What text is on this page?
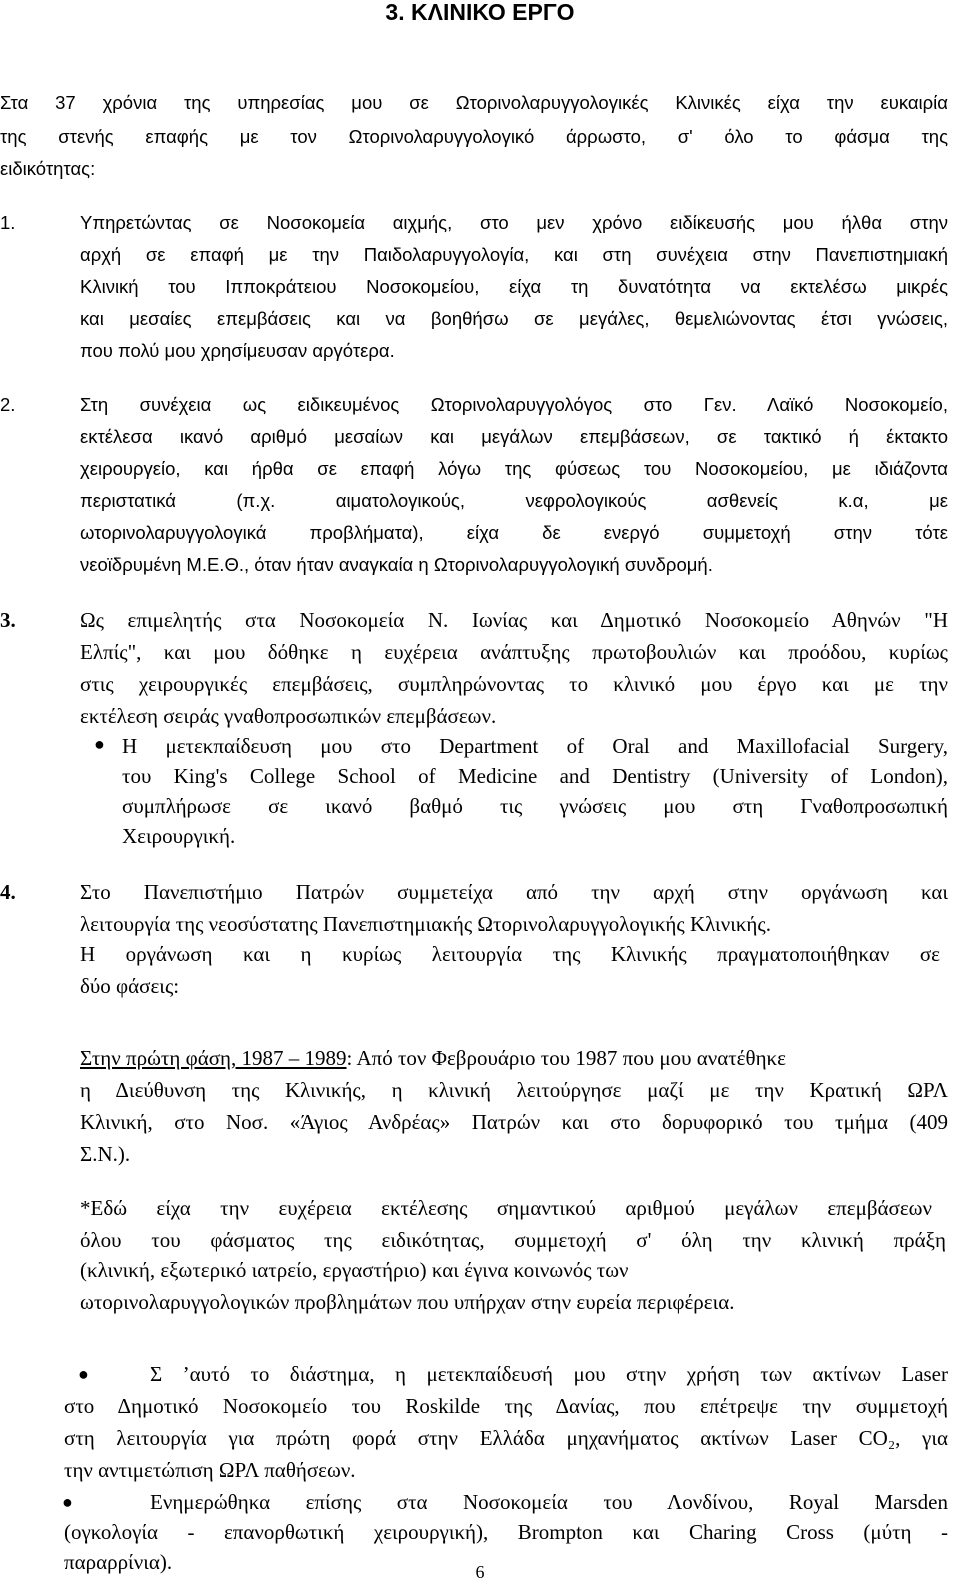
3. ΚΛΙΝΙΚΟ ΕΡΓΟ
Στα 37 χρόνια της υπηρεσίας μου σε Ωτορινολαρυγγολογικές Κλινικές είχα την ευκαιρία
της στενής επαφής με τον Ωτορινολαρυγγολογικό άρρωστο, σ' όλο το φάσμα της
ειδικότητας:
1.	Υπηρετώντας σε Νοσοκομεία αιχμής, στο μεν χρόνο ειδίκευσής μου ήλθα στην
αρχή σε επαφή με την Παιδολαρυγγολογία, και στη συνέχεια στην Πανεπιστημιακή
Κλινική του Ιπποκράτειου Νοσοκομείου, είχα τη δυνατότητα να εκτελέσω μικρές
και μεσαίες επεμβάσεις και να βοηθήσω σε μεγάλες, θεμελιώνοντας έτσι γνώσεις,
που πολύ μου χρησίμευσαν αργότερα.
2.	Στη συνέχεια ως ειδικευμένος Ωτορινολαρυγγολόγος στο Γεν. Λαϊκό Νοσοκομείο,
εκτέλεσα ικανό αριθμό μεσαίων και μεγάλων επεμβάσεων, σε τακτικό ή έκτακτο
χειρουργείο, και ήρθα σε επαφή λόγω της φύσεως του Νοσοκομείου, με ιδιάζοντα
περιστατικά (π.χ. αιματολογικούς, νεφρολογικούς ασθενείς κ.α, με
ωτορινολαρυγγολογικά προβλήματα), είχα δε ενεργό συμμετοχή στην τότε
νεοϊδρυμένη Μ.Ε.Θ., όταν ήταν αναγκαία η Ωτορινολαρυγγολογική συνδρομή.
3.	Ως επιμελητής στα Νοσοκομεία Ν. Ιωνίας και Δημοτικό Νοσοκομείο Αθηνών "Η
Ελπίς", και μου δόθηκε η ευχέρεια ανάπτυξης πρωτοβουλιών και προόδου, κυρίως
στις χειρουργικές επεμβάσεις, συμπληρώνοντας το κλινικό μου έργο και με την
εκτέλεση σειράς γναθοπροσωπικών επεμβάσεων.
● Η μετεκπαίδευση μου στο Department of Oral and Maxillofacial Surgery,
του King's College School of Medicine and Dentistry (University of London),
συμπλήρωσε σε ικανό βαθμό τις γνώσεις μου στη Γναθοπροσωπική
Χειρουργική.
4.	Στο Πανεπιστήμιο Πατρών συμμετείχα από την αρχή στην οργάνωση και
λειτουργία της νεοσύστατης Πανεπιστημιακής Ωτορινολαρυγγολογικής Κλινικής.
Η οργάνωση και η κυρίως λειτουργία της Κλινικής πραγματοποιήθηκαν σε
δύο φάσεις:
Στην πρώτη φάση, 1987 – 1989: Από τον Φεβρουάριο του 1987 που μου ανατέθηκε
η Διεύθυνση της Κλινικής, η κλινική λειτούργησε μαζί με την Κρατική ΩΡΛ
Κλινική, στο Νοσ. «Άγιος Ανδρέας» Πατρών και στο δορυφορικό του τμήμα (409
Σ.Ν.).
*Εδώ είχα την ευχέρεια εκτέλεσης σημαντικού αριθμού μεγάλων επεμβάσεων
όλου του φάσματος της ειδικότητας, συμμετοχή σ' όλη την κλινική πράξη
(κλινική, εξωτερικό ιατρείο, εργαστήριο) και έγινα κοινωνός των
ωτορινολαρυγγολογικών προβλημάτων που υπήρχαν στην ευρεία περιφέρεια.
●	Σ ’αυτό το διάστημα, η μετεκπαίδευσή μου στην χρήση των ακτίνων Laser
στο Δημοτικό Νοσοκομείο του Roskilde της Δανίας, που επέτρεψε την συμμετοχή
στη λειτουργία για πρώτη φορά στην Ελλάδα μηχανήματος ακτίνων Laser CO₂, για
την αντιμετώπιση ΩΡΛ παθήσεων.
●	Ενημερώθηκα επίσης στα Νοσοκομεία του Λονδίνου, Royal Marsden
(ογκολογία - επανορθωτική χειρουργική), Brompton και Charing Cross (μύτη -
παραρρίνια).	6
